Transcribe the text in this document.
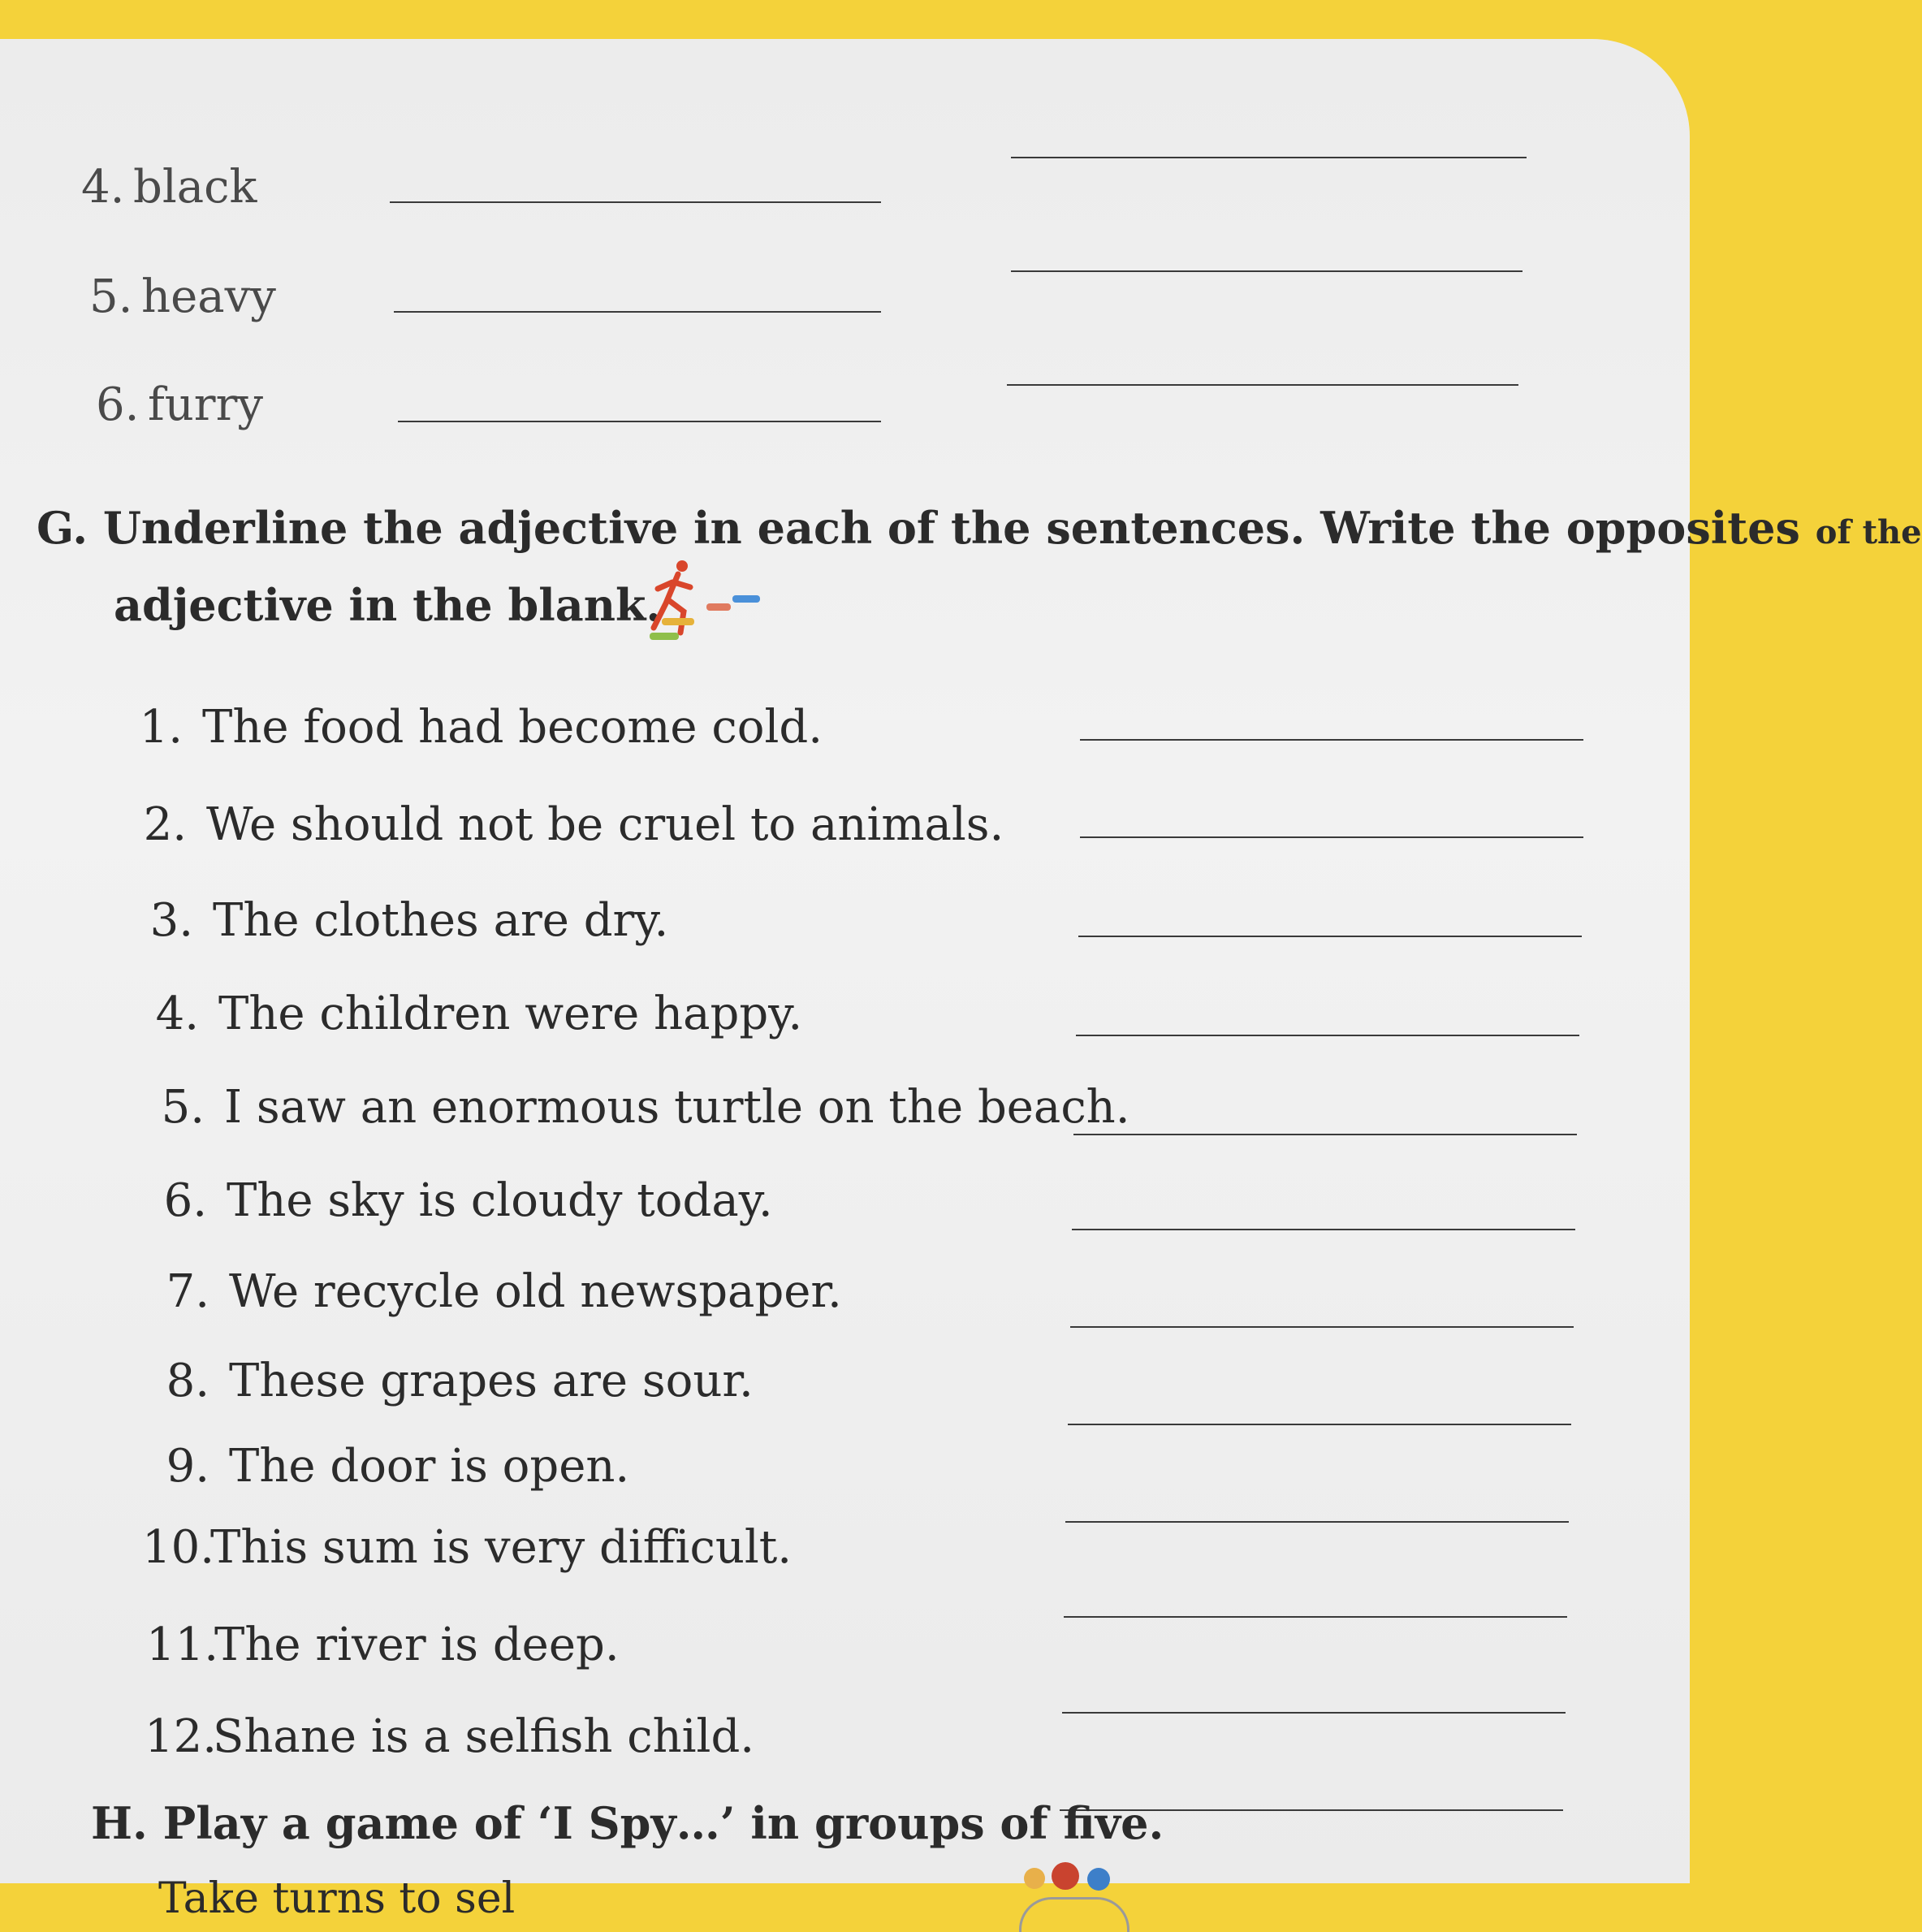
4. black
5. heavy
6. furry
G. Underline the adjective in each of the sentences. Write the opposites of the
adjective in the blank.
1. The food had become cold.
2. We should not be cruel to animals.
3. The clothes are dry.
4. The children were happy.
5. I saw an enormous turtle on the beach.
6. The sky is cloudy today.
7. We recycle old newspaper.
8. These grapes are sour.
9. The door is open.
10.This sum is very difficult.
11.The river is deep.
12.Shane is a selfish child.
H. Play a game of ‘I Spy…’ in groups of five.
Take turns to sel
